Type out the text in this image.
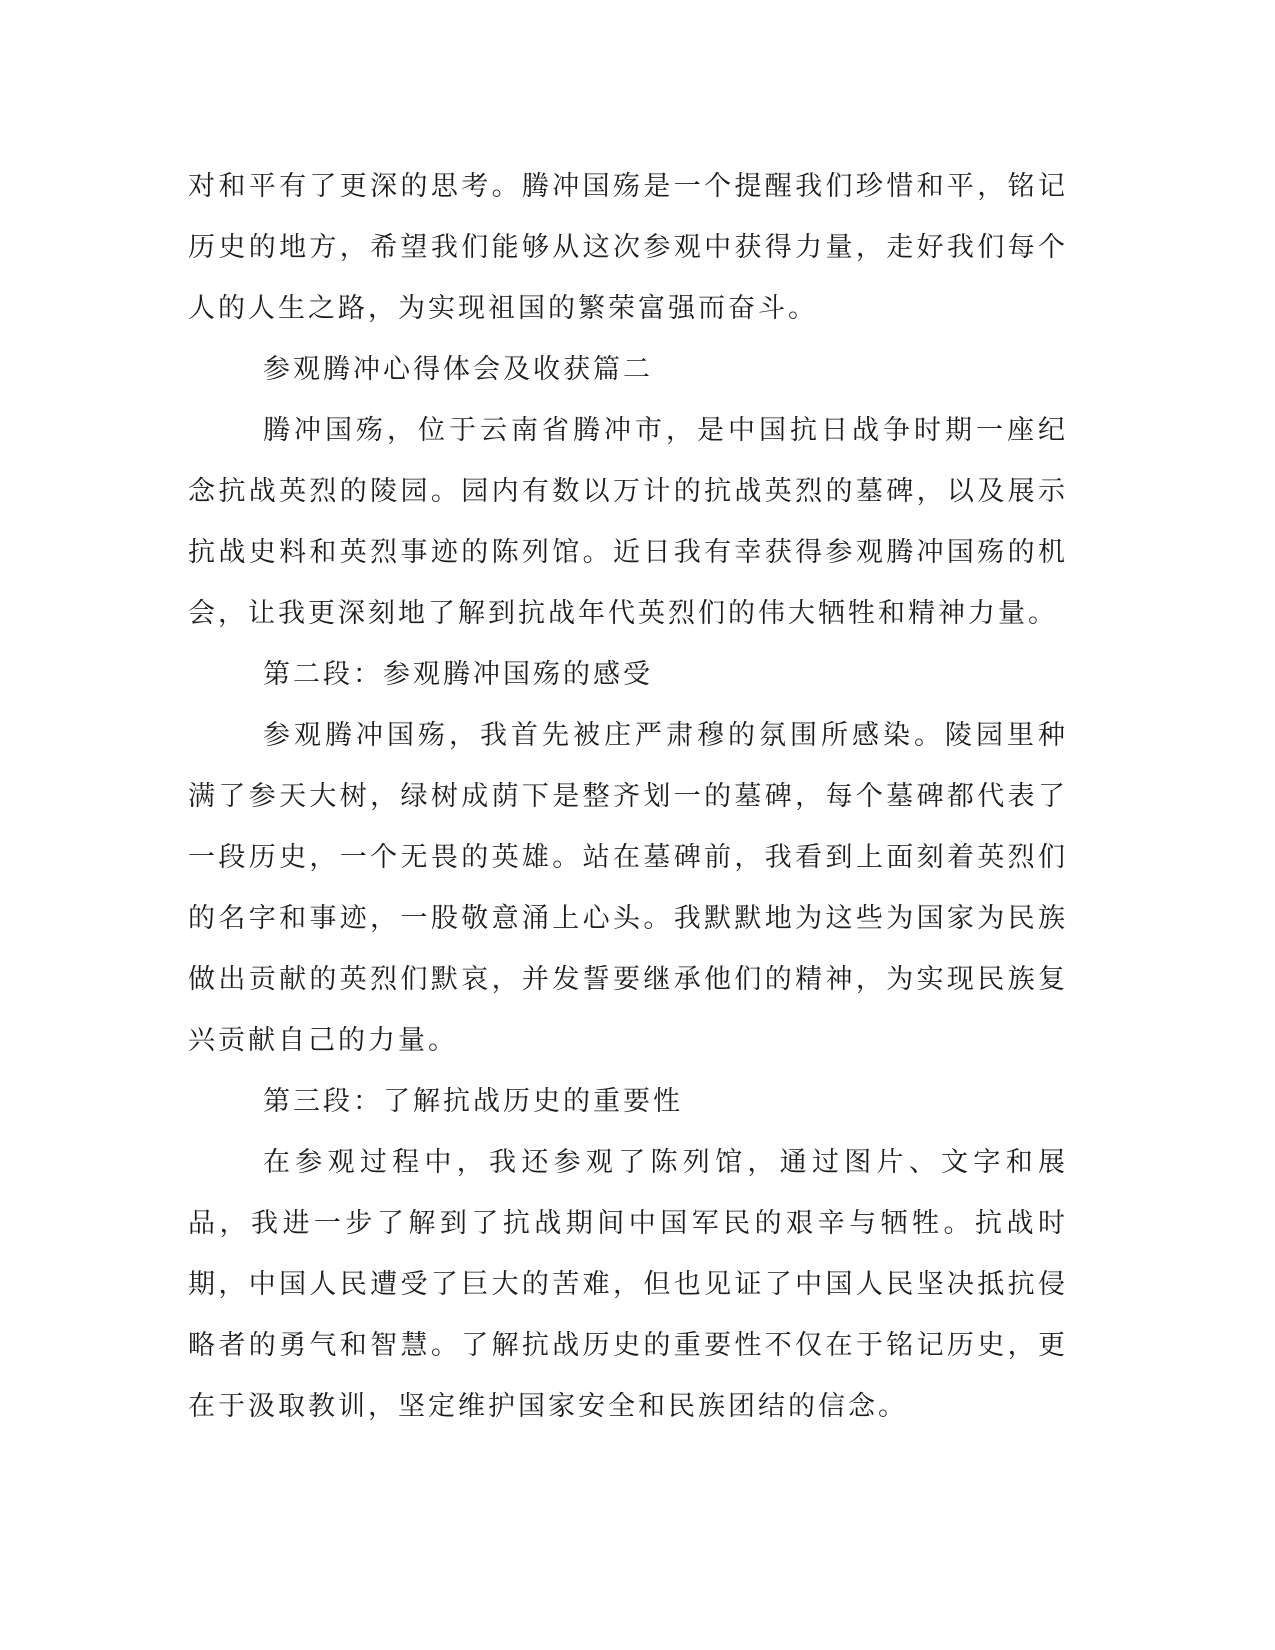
对和平有了更深的思考。腾冲国殇是一个提醒我们珍惜和平，铭记历史的地方，希望我们能够从这次参观中获得力量，走好我们每个人的人生之路，为实现祖国的繁荣富强而奋斗。

参观腾冲心得体会及收获篇二

腾冲国殇，位于云南省腾冲市，是中国抗日战争时期一座纪念抗战英烈的陵园。园内有数以万计的抗战英烈的墓碑，以及展示抗战史料和英烈事迹的陈列馆。近日我有幸获得参观腾冲国殇的机会，让我更深刻地了解到抗战年代英烈们的伟大牺牲和精神力量。

第二段：参观腾冲国殇的感受

参观腾冲国殇，我首先被庄严肃穆的氛围所感染。陵园里种满了参天大树，绿树成荫下是整齐划一的墓碑，每个墓碑都代表了一段历史，一个无畏的英雄。站在墓碑前，我看到上面刻着英烈们的名字和事迹，一股敬意涌上心头。我默默地为这些为国家为民族做出贡献的英烈们默哀，并发誓要继承他们的精神，为实现民族复兴贡献自己的力量。

第三段：了解抗战历史的重要性

在参观过程中，我还参观了陈列馆，通过图片、文字和展品，我进一步了解到了抗战期间中国军民的艰辛与牺牲。抗战时期，中国人民遭受了巨大的苦难，但也见证了中国人民坚决抵抗侵略者的勇气和智慧。了解抗战历史的重要性不仅在于铭记历史，更在于汲取教训，坚定维护国家安全和民族团结的信念。
